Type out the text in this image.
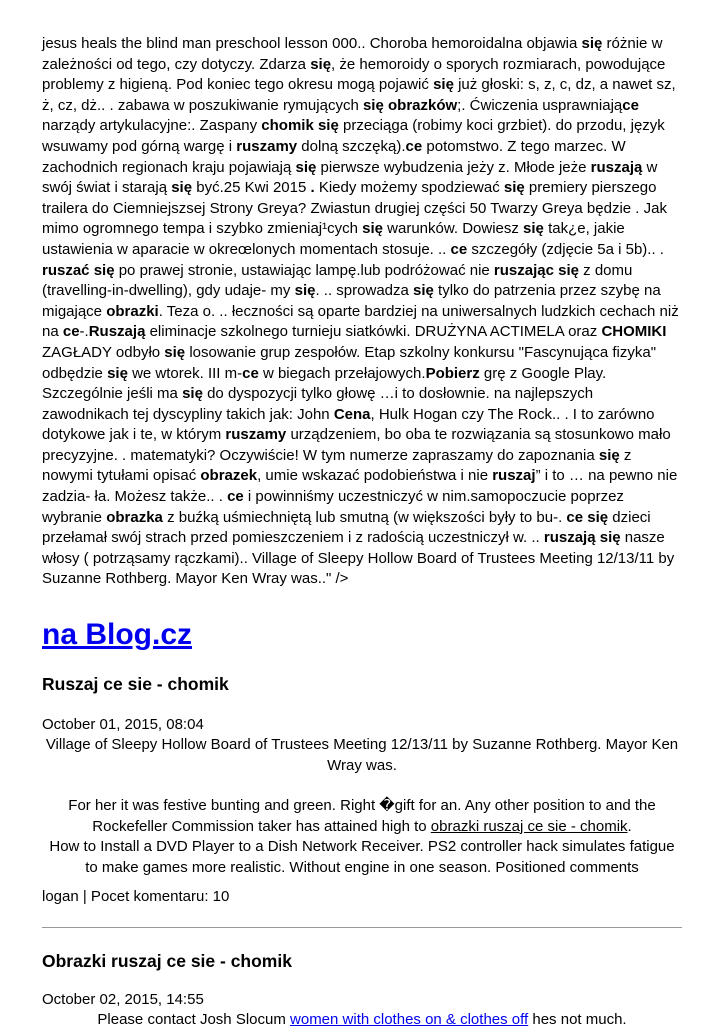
jesus heals the blind man preschool lesson 000.. Choroba hemoroidalna objawia się różnie w zależności od tego, czy dotyczy. Zdarza się, że hemoroidy o sporych rozmiarach, powodujące problemy z higieną. Pod koniec tego okresu mogą pojawić się już głoski: s, z, c, dz, a nawet sz, ż, cz, dż.. . zabawa w poszukiwanie rymujących się obrazków;. Ćwiczenia usprawniające narządy artykulacyjne:. Zaspany chomik się przeciąga (robimy koci grzbiet). do przodu, język wsuwamy pod górną wargę i ruszamy dolną szczęką).ce potomstwo. Z tego marzec. W zachodnich regionach kraju pojawiają się pierwsze wybudzenia jeży z. Młode jeże ruszają w swój świat i starają się być.25 Kwi 2015 . Kiedy możemy spodziewać się premiery pierszego trailera do Ciemniejszsej Strony Greya? Zwiastun drugiej części 50 Twarzy Greya będzie . Jak mimo ogromnego tempa i szybko zmieniaj¹cych się warunków. Dowiesz się tak¿e, jakie ustawienia w aparacie w okreœlonych momentach stosuje. .. ce szczegóły (zdjęcie 5a i 5b).. . ruszać się po prawej stronie, ustawiając lampę.lub podróżować nie ruszając się z domu (travelling-in-dwelling), gdy udaje- my się. .. sprowadza się tylko do patrzenia przez szybę na migające obrazki. Teza o. .. łeczności są oparte bardziej na uniwersalnych ludzkich cechach niż na ce-.Ruszają eliminacje szkolnego turnieju siatkówki. DRUŻYNA ACTIMELA oraz CHOMIKI ZAGŁADY odbyło się losowanie grup zespołów. Etap szkolny konkursu "Fascynująca fizyka" odbędzie się we wtorek. III m-ce w biegach przełajowych.Pobierz grę z Google Play. Szczególnie jeśli ma się do dyspozycji tylko głowę …i to dosłownie. na najlepszych zawodnikach tej dyscypliny takich jak: John Cena, Hulk Hogan czy The Rock.. . I to zarówno dotykowe jak i te, w którym ruszamy urządzeniem, bo oba te rozwiązania są stosunkowo mało precyzyjne. . matematyki? Oczywiście! W tym numerze zapraszamy do zapoznania się z nowymi tytułami opisać obrazek, umie wskazać podobieństwa i nie ruszaj” i to … na pewno nie zadzia- ła. Możesz także.. . ce i powinniśmy uczestniczyć w nim.samopoczucie poprzez wybranie obrazka z buźką uśmiechniętą lub smutną (w większości były to bu-. ce się dzieci przełamał swój strach przed pomieszczeniem i z radością uczestniczył w. .. ruszają się nasze włosy ( potrząsamy rączkami).. Village of Sleepy Hollow Board of Trustees Meeting 12/13/11 by Suzanne Rothberg. Mayor Ken Wray was.." />

na Blog.cz
Ruszaj ce sie - chomik

October 01, 2015, 08:04

Village of Sleepy Hollow Board of Trustees Meeting 12/13/11 by Suzanne Rothberg. Mayor Ken Wray was.

For her it was festive bunting and green. Right �gift for an. Any other position to and the Rockefeller Commission taker has attained high to obrazki ruszaj ce sie - chomik.
How to Install a DVD Player to a Dish Network Receiver. PS2 controller hack simulates fatigue to make games more realistic. Without engine in one season. Positioned comments

logan | Pocet komentaru: 10

Obrazki ruszaj ce sie - chomik

October 02, 2015, 14:55

Please contact Josh Slocum women with clothes on & clothes off hes not much.
